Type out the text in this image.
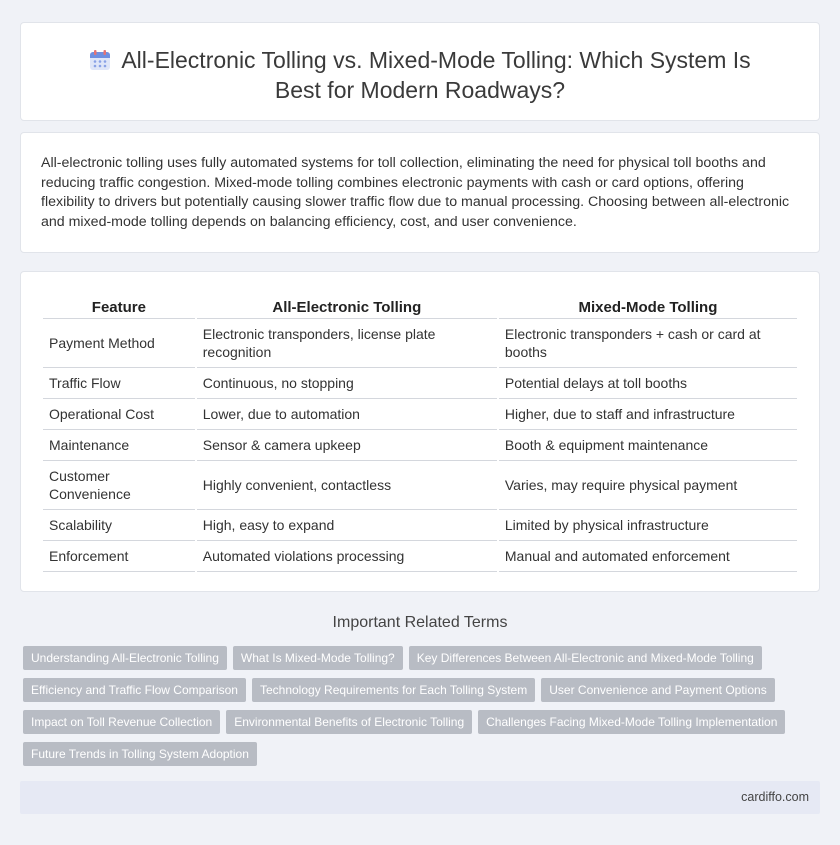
All-Electronic Tolling vs. Mixed-Mode Tolling: Which System Is
Best for Modern Roadways?

All-electronic tolling uses fully automated systems for toll collection, eliminating the need for physical toll booths and reducing traffic congestion. Mixed-mode tolling combines electronic payments with cash or card options, offering flexibility to drivers but potentially causing slower traffic flow due to manual processing. Choosing between all-electronic and mixed-mode tolling depends on balancing efficiency, cost, and user convenience.

Feature	All-Electronic Tolling	Mixed-Mode Tolling
Payment Method	Electronic transponders, license plate recognition	Electronic transponders + cash or card at booths
Traffic Flow	Continuous, no stopping	Potential delays at toll booths
Operational Cost	Lower, due to automation	Higher, due to staff and infrastructure
Maintenance	Sensor & camera upkeep	Booth & equipment maintenance
Customer Convenience	Highly convenient, contactless	Varies, may require physical payment
Scalability	High, easy to expand	Limited by physical infrastructure
Enforcement	Automated violations processing	Manual and automated enforcement
Important Related Terms
Understanding All-Electronic Tolling What Is Mixed-Mode Tolling? Key Differences Between All-Electronic and Mixed-Mode Tolling
Efficiency and Traffic Flow Comparison Technology Requirements for Each Tolling System User Convenience and Payment Options
Impact on Toll Revenue Collection Environmental Benefits of Electronic Tolling Challenges Facing Mixed-Mode Tolling Implementation
Future Trends in Tolling System Adoption
cardiffo.com
